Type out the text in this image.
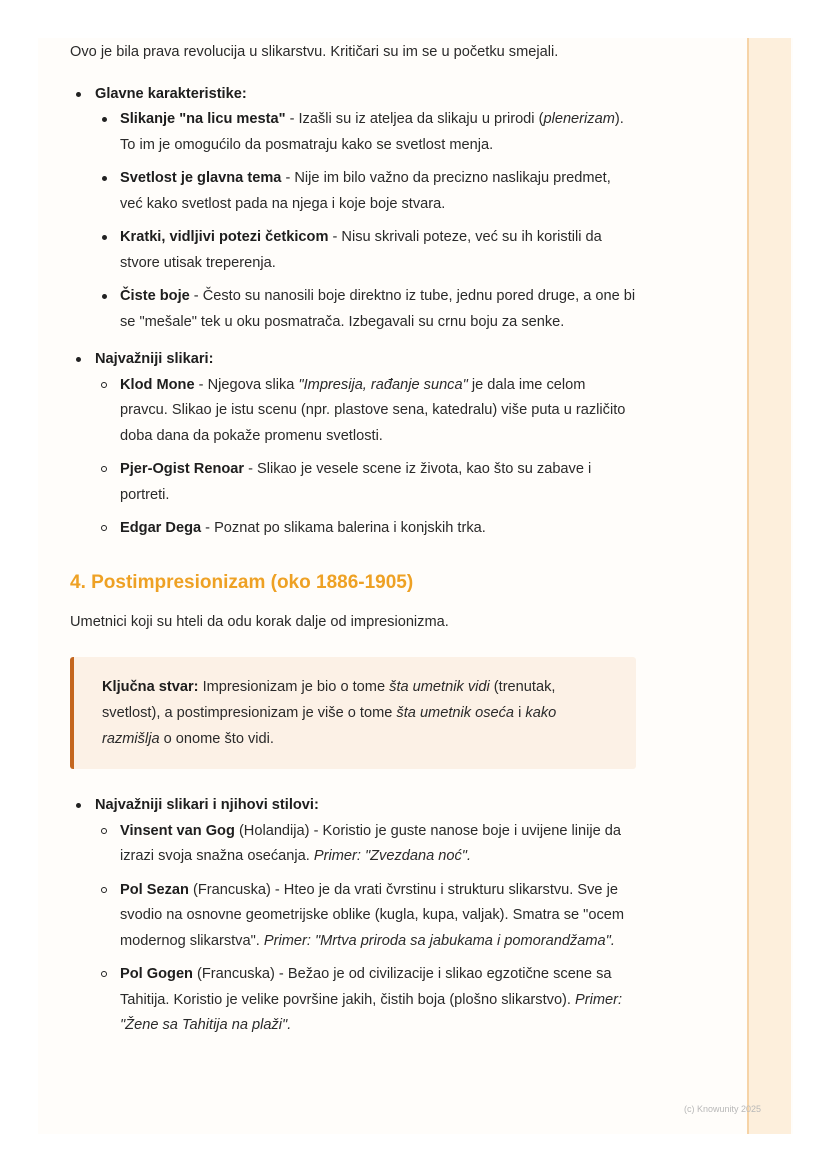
Ovo je bila prava revolucija u slikarstvu. Kritičari su im se u početku smejali.

Glavne karakteristike:
Slikanje "na licu mesta" - Izašli su iz ateljea da slikaju u prirodi (plenerizam). To im je omogućilo da posmatraju kako se svetlost menja.
Svetlost je glavna tema - Nije im bilo važno da precizno naslikaju predmet, već kako svetlost pada na njega i koje boje stvara.
Kratki, vidljivi potezi četkicom - Nisu skrivali poteze, već su ih koristili da stvore utisak treperenja.
Čiste boje - Često su nanosili boje direktno iz tube, jednu pored druge, a one bi se "mešale" tek u oku posmatrača. Izbegavali su crnu boju za senke.
Najvažniji slikari:
Klod Mone - Njegova slika "Impresija, rađanje sunca" je dala ime celom pravcu. Slikao je istu scenu (npr. plastove sena, katedralu) više puta u različito doba dana da pokaže promenu svetlosti.
Pjer-Ogist Renoar - Slikao je vesele scene iz života, kao što su zabave i portreti.
Edgar Dega - Poznat po slikama balerina i konjskih trka.
4. Postimpresionizam (oko 1886-1905)

Umetnici koji su hteli da odu korak dalje od impresionizma.

Ključna stvar: Impresionizam je bio o tome šta umetnik vidi (trenutak, svetlost), a postimpresionizam je više o tome šta umetnik oseća i kako razmišlja o onome što vidi.
Najvažniji slikari i njihovi stilovi:
Vinsent van Gog (Holandija) - Koristio je guste nanose boje i uvijene linije da izrazi svoja snažna osećanja. Primer: "Zvezdana noć".
Pol Sezan (Francuska) - Hteo je da vrati čvrstinu i strukturu slikarstvu. Sve je svodio na osnovne geometrijske oblike (kugla, kupa, valjak). Smatra se "ocem modernog slikarstva". Primer: "Mrtva priroda sa jabukama i pomorandžama".
Pol Gogen (Francuska) - Bežao je od civilizacije i slikao egzotične scene sa Tahitija. Koristio je velike površine jakih, čistih boja (plošno slikarstvo). Primer: "Žene sa Tahitija na plaži".
(c) Knowunity 2025
